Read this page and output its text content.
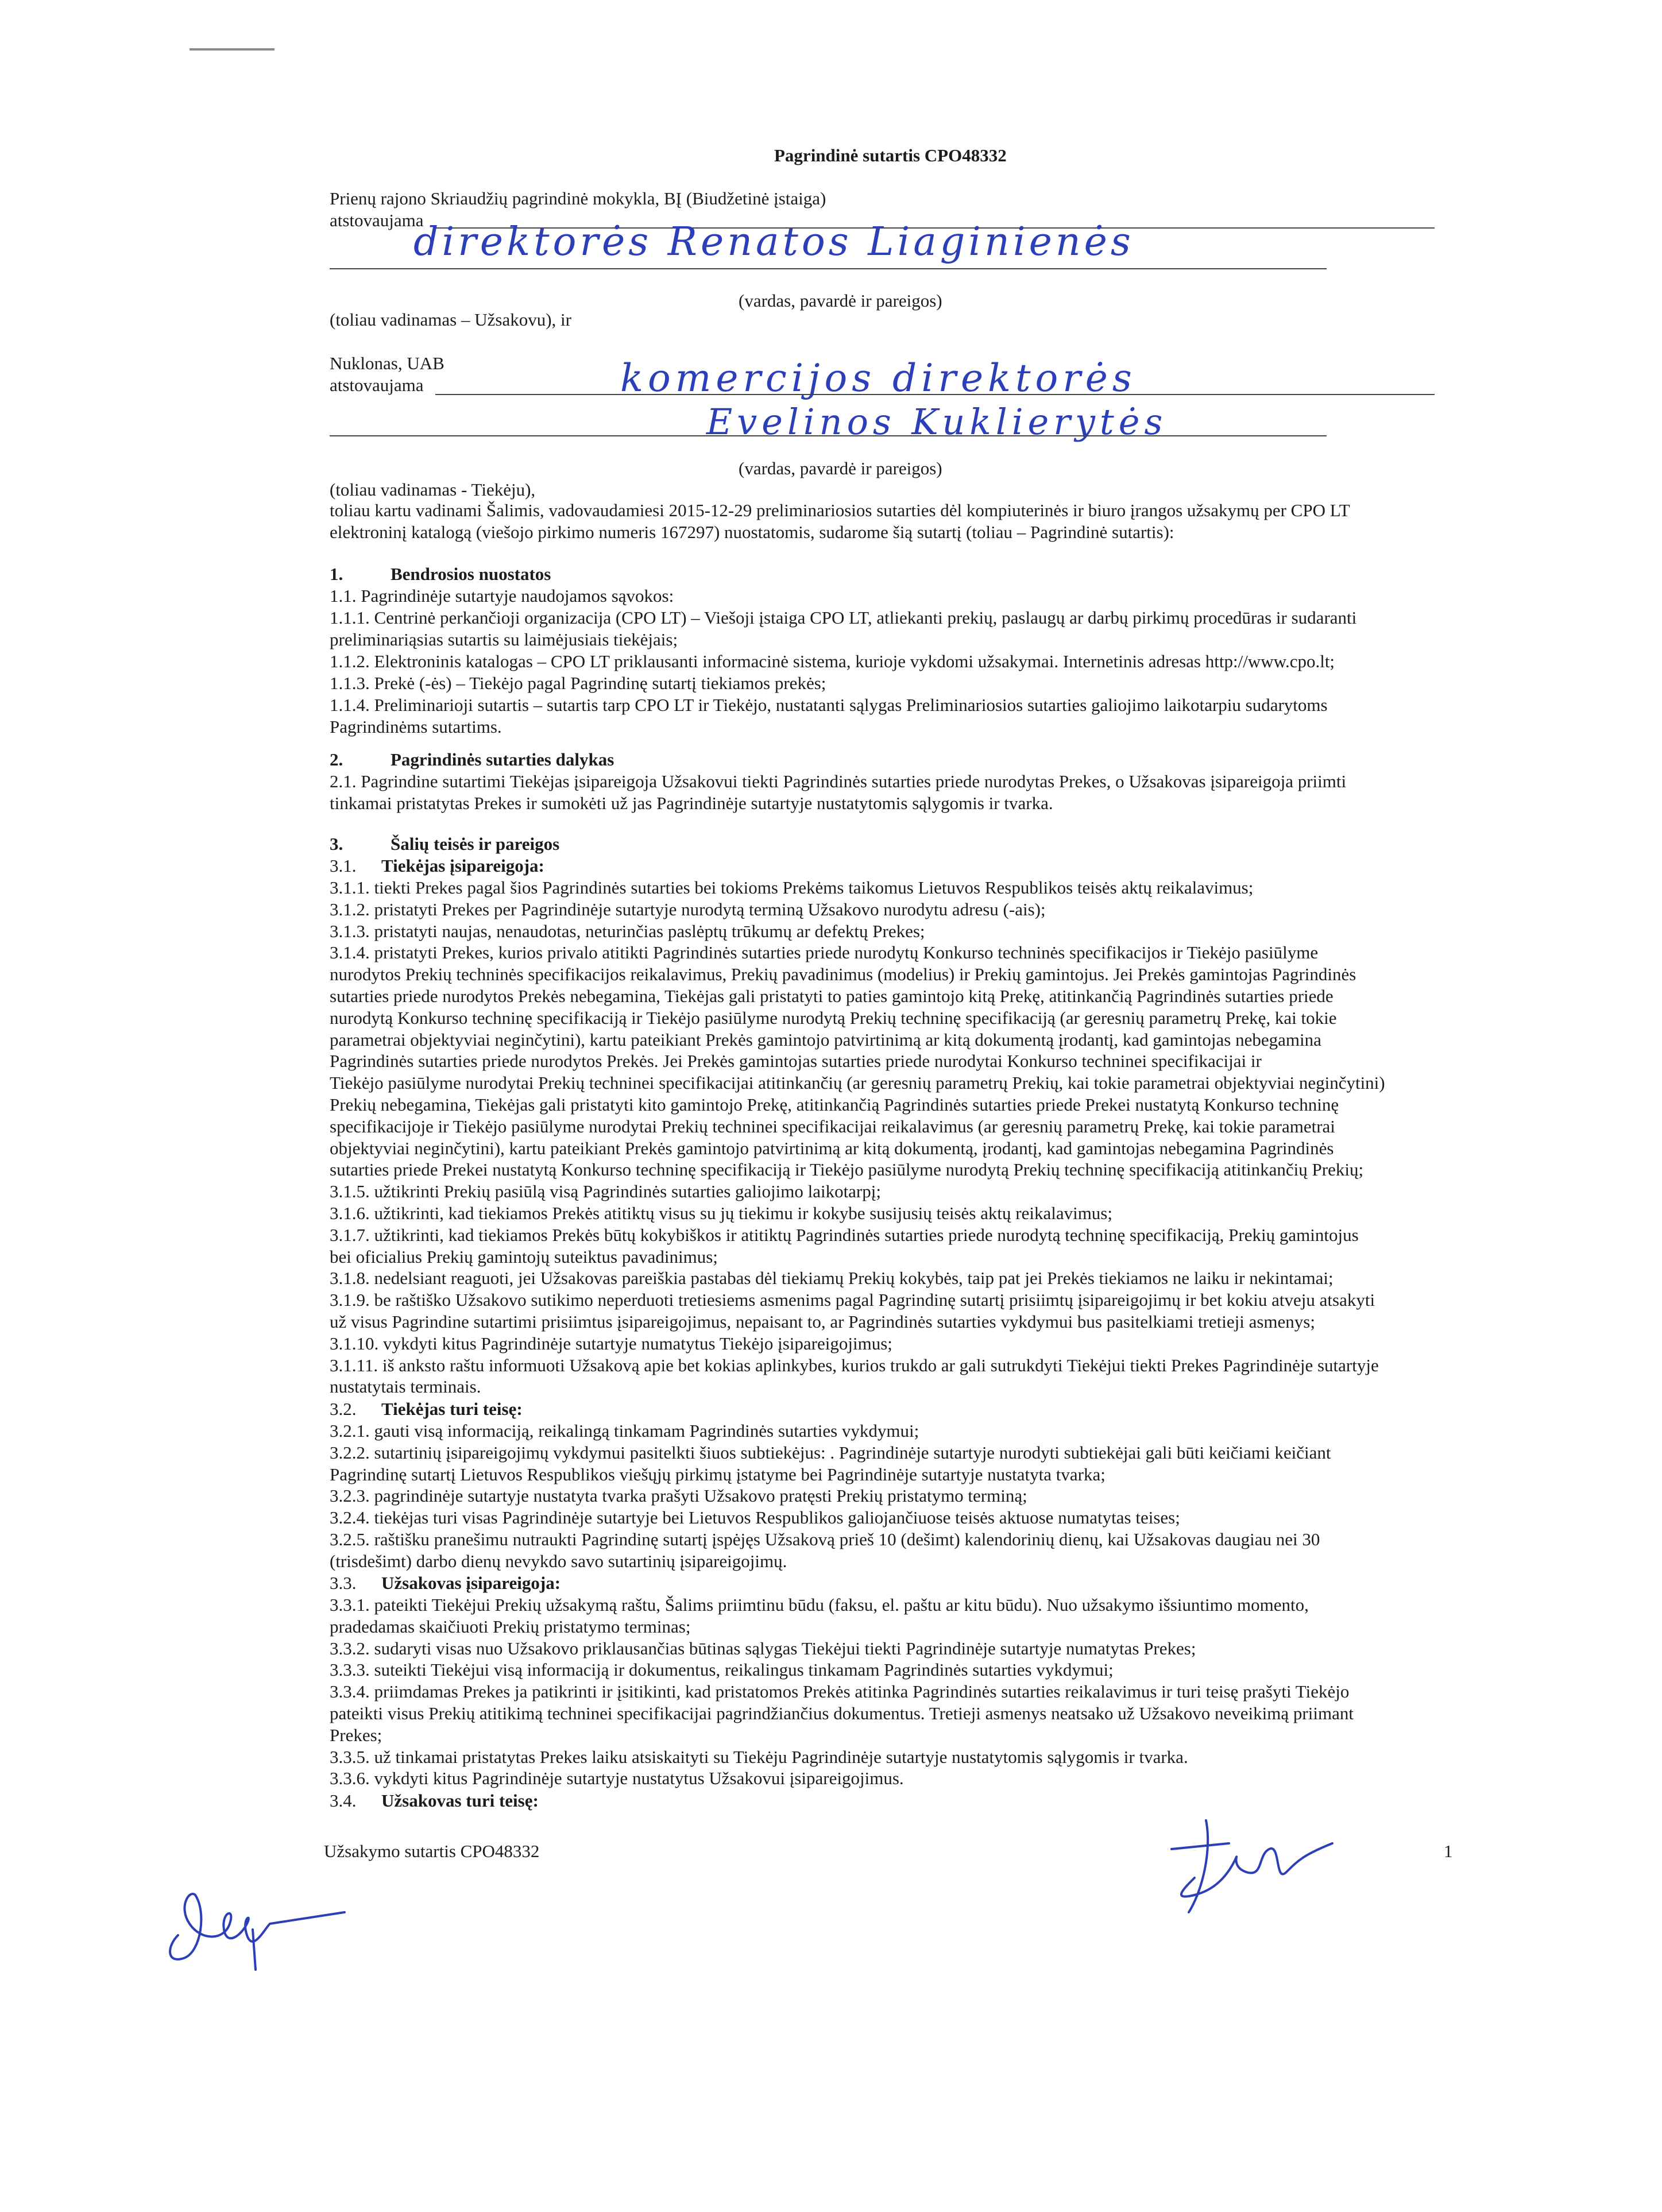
Pagrindinė sutartis CPO48332
Prienų rajono Skriaudžių pagrindinė mokykla, BĮ (Biudžetinė įstaiga)
atstovaujama
direktorės Renatos Liaginienės
(vardas, pavardė ir pareigos)
(toliau vadinamas – Užsakovu), ir
Nuklonas, UAB
atstovaujama	komercijos direktorės
Evelinos Kuklierytės
(vardas, pavardė ir pareigos)
(toliau vadinamas - Tiekėju),
toliau kartu vadinami Šalimis, vadovaudamiesi 2015-12-29 preliminariosios sutarties dėl kompiuterinės ir biuro įrangos užsakymų per CPO LT
elektroninį katalogą (viešojo pirkimo numeris 167297) nuostatomis, sudarome šią sutartį (toliau – Pagrindinė sutartis):
1.	Bendrosios nuostatos
1.1. Pagrindinėje sutartyje naudojamos sąvokos:
1.1.1. Centrinė perkančioji organizacija (CPO LT) – Viešoji įstaiga CPO LT, atliekanti prekių, paslaugų ar darbų pirkimų procedūras ir sudaranti
preliminariąsias sutartis su laimėjusiais tiekėjais;
1.1.2. Elektroninis katalogas – CPO LT priklausanti informacinė sistema, kurioje vykdomi užsakymai. Internetinis adresas http://www.cpo.lt;
1.1.3. Prekė (-ės) – Tiekėjo pagal Pagrindinę sutartį tiekiamos prekės;
1.1.4. Preliminarioji sutartis – sutartis tarp CPO LT ir Tiekėjo, nustatanti sąlygas Preliminariosios sutarties galiojimo laikotarpiu sudarytoms
Pagrindinėms sutartims.
2.	Pagrindinės sutarties dalykas
2.1. Pagrindine sutartimi Tiekėjas įsipareigoja Užsakovui tiekti Pagrindinės sutarties priede nurodytas Prekes, o Užsakovas įsipareigoja priimti
tinkamai pristatytas Prekes ir sumokėti už jas Pagrindinėje sutartyje nustatytomis sąlygomis ir tvarka.
3.	Šalių teisės ir pareigos
3.1. Tiekėjas įsipareigoja:
3.1.1. tiekti Prekes pagal šios Pagrindinės sutarties bei tokioms Prekėms taikomus Lietuvos Respublikos teisės aktų reikalavimus;
3.1.2. pristatyti Prekes per Pagrindinėje sutartyje nurodytą terminą Užsakovo nurodytu adresu (-ais);
3.1.3. pristatyti naujas, nenaudotas, neturinčias paslėptų trūkumų ar defektų Prekes;
3.1.4. pristatyti Prekes, kurios privalo atitikti Pagrindinės sutarties priede nurodytų Konkurso techninės specifikacijos ir Tiekėjo pasiūlyme
nurodytos Prekių techninės specifikacijos reikalavimus, Prekių pavadinimus (modelius) ir Prekių gamintojus. Jei Prekės gamintojas Pagrindinės
sutarties priede nurodytos Prekės nebegamina, Tiekėjas gali pristatyti to paties gamintojo kitą Prekę, atitinkančią Pagrindinės sutarties priede
nurodytą Konkurso techninę specifikaciją ir Tiekėjo pasiūlyme nurodytą Prekių techninę specifikaciją (ar geresnių parametrų Prekę, kai tokie
parametrai objektyviai neginčytini), kartu pateikiant Prekės gamintojo patvirtinimą ar kitą dokumentą įrodantį, kad gamintojas nebegamina
Pagrindinės sutarties priede nurodytos Prekės. Jei Prekės gamintojas sutarties priede nurodytai Konkurso techninei specifikacijai ir
Tiekėjo pasiūlyme nurodytai Prekių techninei specifikacijai atitinkančių (ar geresnių parametrų Prekių, kai tokie parametrai objektyviai neginčytini)
Prekių nebegamina, Tiekėjas gali pristatyti kito gamintojo Prekę, atitinkančią Pagrindinės sutarties priede Prekei nustatytą Konkurso techninę
specifikacijoje ir Tiekėjo pasiūlyme nurodytai Prekių techninei specifikacijai reikalavimus (ar geresnių parametrų Prekę, kai tokie parametrai
objektyviai neginčytini), kartu pateikiant Prekės gamintojo patvirtinimą ar kitą dokumentą, įrodantį, kad gamintojas nebegamina Pagrindinės
sutarties priede Prekei nustatytą Konkurso techninę specifikaciją ir Tiekėjo pasiūlyme nurodytą Prekių techninę specifikaciją atitinkančių Prekių;
3.1.5. užtikrinti Prekių pasiūlą visą Pagrindinės sutarties galiojimo laikotarpį;
3.1.6. užtikrinti, kad tiekiamos Prekės atitiktų visus su jų tiekimu ir kokybe susijusių teisės aktų reikalavimus;
3.1.7. užtikrinti, kad tiekiamos Prekės būtų kokybiškos ir atitiktų Pagrindinės sutarties priede nurodytą techninę specifikaciją, Prekių gamintojus
bei oficialius Prekių gamintojų suteiktus pavadinimus;
3.1.8. nedelsiant reaguoti, jei Užsakovas pareiškia pastabas dėl tiekiamų Prekių kokybės, taip pat jei Prekės tiekiamos ne laiku ir nekintamai;
3.1.9. be raštiško Užsakovo sutikimo neperduoti tretiesiems asmenims pagal Pagrindinę sutartį prisiimtų įsipareigojimų ir bet kokiu atveju atsakyti
už visus Pagrindine sutartimi prisiimtus įsipareigojimus, nepaisant to, ar Pagrindinės sutarties vykdymui bus pasitelkiami tretieji asmenys;
3.1.10. vykdyti kitus Pagrindinėje sutartyje numatytus Tiekėjo įsipareigojimus;
3.1.11. iš anksto raštu informuoti Užsakovą apie bet kokias aplinkybes, kurios trukdo ar gali sutrukdyti Tiekėjui tiekti Prekes Pagrindinėje sutartyje
nustatytais terminais.
3.2. Tiekėjas turi teisę:
3.2.1. gauti visą informaciją, reikalingą tinkamam Pagrindinės sutarties vykdymui;
3.2.2. sutartinių įsipareigojimų vykdymui pasitelkti šiuos subtiekėjus: . Pagrindinėje sutartyje nurodyti subtiekėjai gali būti keičiami keičiant
Pagrindinę sutartį Lietuvos Respublikos viešųjų pirkimų įstatyme bei Pagrindinėje sutartyje nustatyta tvarka;
3.2.3. pagrindinėje sutartyje nustatyta tvarka prašyti Užsakovo pratęsti Prekių pristatymo terminą;
3.2.4. tiekėjas turi visas Pagrindinėje sutartyje bei Lietuvos Respublikos galiojančiuose teisės aktuose numatytas teises;
3.2.5. raštišku pranešimu nutraukti Pagrindinę sutartį įspėjęs Užsakovą prieš 10 (dešimt) kalendorinių dienų, kai Užsakovas daugiau nei 30
(trisdešimt) darbo dienų nevykdo savo sutartinių įsipareigojimų.
3.3. Užsakovas įsipareigoja:
3.3.1. pateikti Tiekėjui Prekių užsakymą raštu, Šalims priimtinu būdu (faksu, el. paštu ar kitu būdu). Nuo užsakymo išsiuntimo momento,
pradedamas skaičiuoti Prekių pristatymo terminas;
3.3.2. sudaryti visas nuo Užsakovo priklausančias būtinas sąlygas Tiekėjui tiekti Pagrindinėje sutartyje numatytas Prekes;
3.3.3. suteikti Tiekėjui visą informaciją ir dokumentus, reikalingus tinkamam Pagrindinės sutarties vykdymui;
3.3.4. priimdamas Prekes ja patikrinti ir įsitikinti, kad pristatomos Prekės atitinka Pagrindinės sutarties reikalavimus ir turi teisę prašyti Tiekėjo
pateikti visus Prekių atitikimą techninei specifikacijai pagrindžiančius dokumentus. Tretieji asmenys neatsako už Užsakovo neveikimą priimant
Prekes;
3.3.5. už tinkamai pristatytas Prekes laiku atsiskaityti su Tiekėju Pagrindinėje sutartyje nustatytomis sąlygomis ir tvarka.
3.3.6. vykdyti kitus Pagrindinėje sutartyje nustatytus Užsakovui įsipareigojimus.
3.4. Užsakovas turi teisę:
Užsakymo sutartis CPO48332	1
